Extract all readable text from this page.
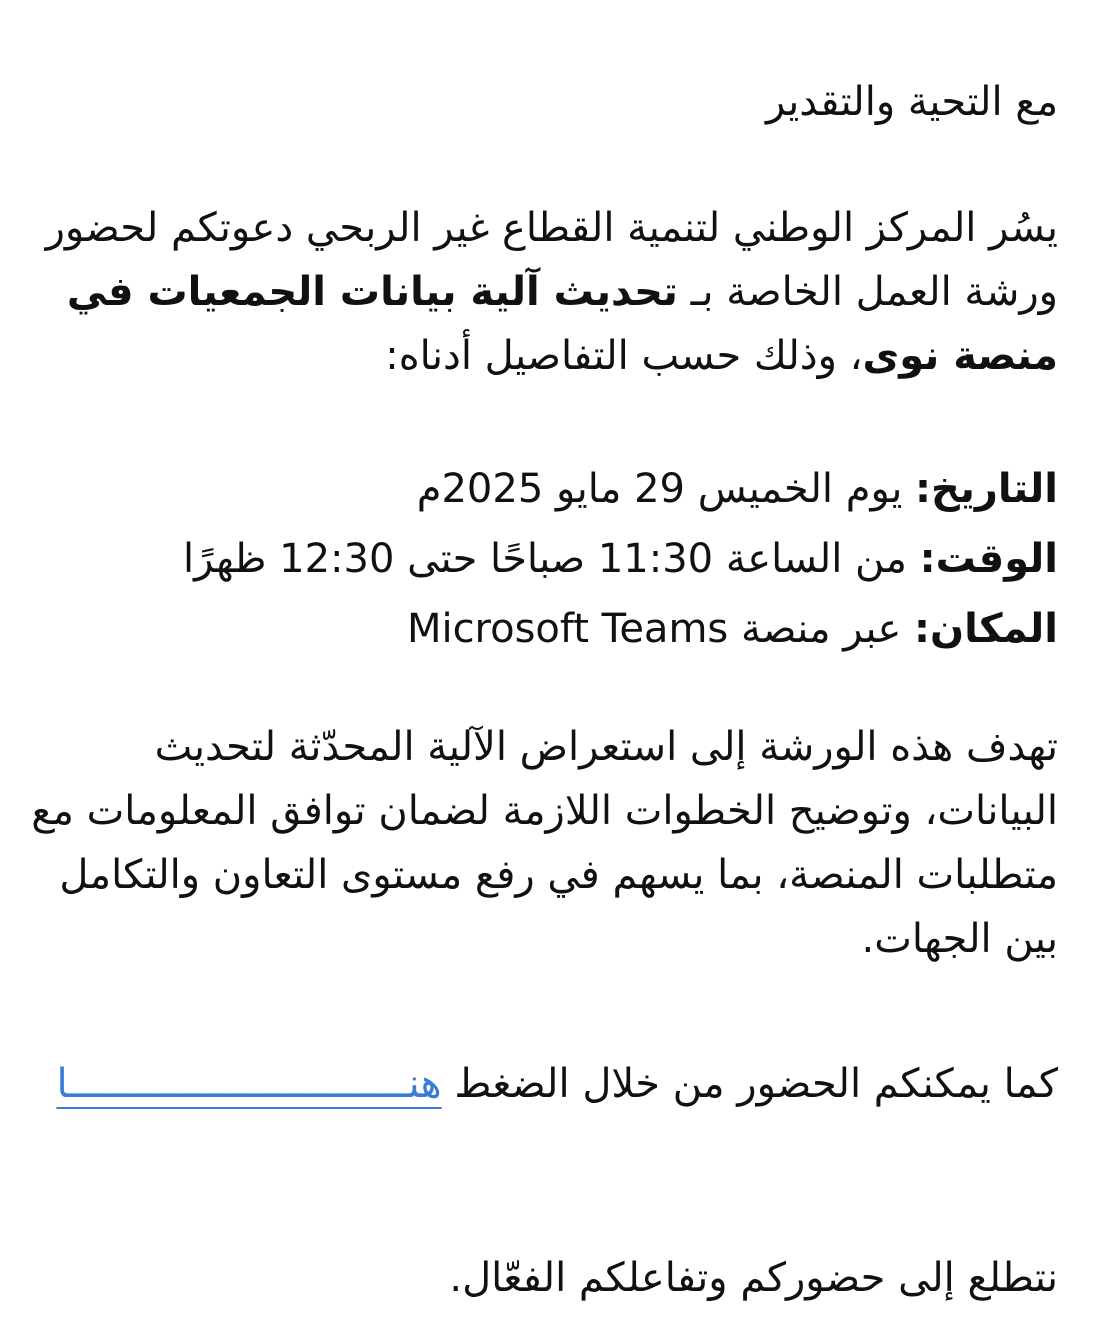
مع التحية والتقدير

يسُر المركز الوطني لتنمية القطاع غير الربحي دعوتكم لحضور ورشة العمل الخاصة بـ تحديث آلية بيانات الجمعيات في منصة نوى، وذلك حسب التفاصيل أدناه:

التاريخ: يوم الخميس 29 مايو 2025م
الوقت: من الساعة 11:30 صباحًا حتى 12:30 ظهرًا
المكان: عبر منصة Microsoft Teams

تهدف هذه الورشة إلى استعراض الآلية المحدّثة لتحديث البيانات، وتوضيح الخطوات اللازمة لضمان توافق المعلومات مع متطلبات المنصة، بما يسهم في رفع مستوى التعاون والتكامل بين الجهات.

كما يمكنكم الحضور من خلال الضغط هنـــــــــــــــــــــــــــــا

نتطلع إلى حضوركم وتفاعلكم الفعّال.
